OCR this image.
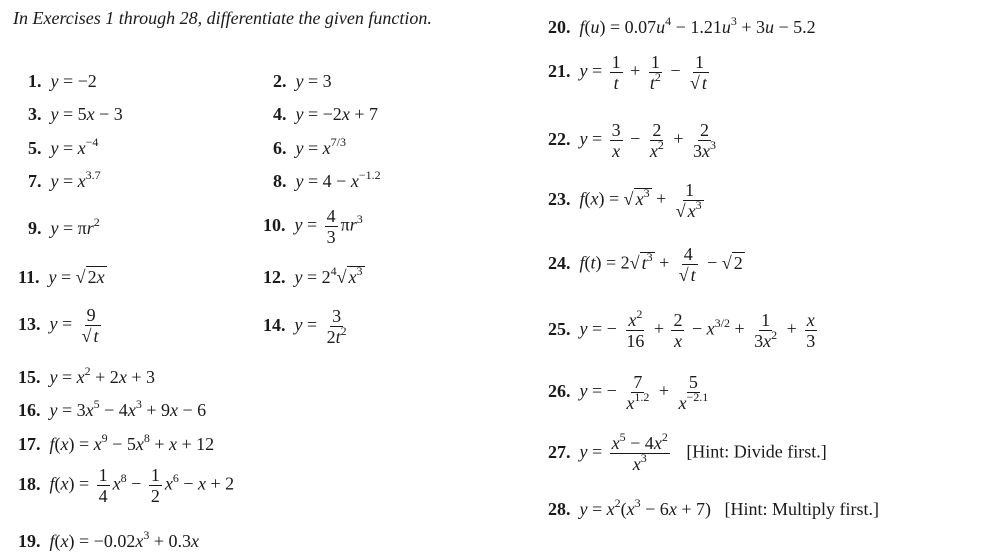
In Exercises 1 through 28, differentiate the given function.
1. y = −2
3. y = 5x − 3
5. $y = x^{-4}$
7. $y = x^{3.7}$
9. $y = \pi r^2$
11. y = √ 2x
13. $y = \frac{9}{√ t}$
15. $y = x^2 + 2x + 3$
16. $y = 3x^5 - 4x^3 + 9x - 6$
17. $f(x) = x^9 - 5x^8 + x + 12$
18. $f(x) = \frac{1}{4} x^8 - \frac{1}{2} x^6 - x + 2$
19. $f(x) = -0.02x^3 + 0.3x$
2. y = 3
4. y = −2x + 7
6. $y = x^{7/3}$
8. $y = 4 - x^{-1.2}$
10. $y = \frac{4}{3} \pi r^3$
12. $y = 2^4√$ $x^3$
14. $y = \frac{3}{2t^2}$
20. $f(u) = 0.07u^4 - 1.21u^3 + 3u - 5.2$
21. $y = \frac{1}{t} + \frac{1}{t^2} - \frac{1}{√ t}$
22. $y = \frac{3}{x} - \frac{2}{x^2} + \frac{2}{3x^3}$
23. f(x) = √ $x^3 + \frac{1}{√ x^3}$
24. f(t) = 2√ $t^3 + \frac{4}{√ t}$ − √ 2
25. y = − $\frac{x^2}{16} + \frac{2}{x} - x^{3/2} + \frac{1}{3x^2} + \frac{x}{3}$
26. y = − $\frac{7}{x^{1.2}} + \frac{5}{x^{-2.1}}$
27. $y = \frac{x^5 - 4x^2}{x^3}$ [Hint: Divide first.]
28. $y = x^2(x^3 - 6x + 7)$   [Hint: Multiply first.]
